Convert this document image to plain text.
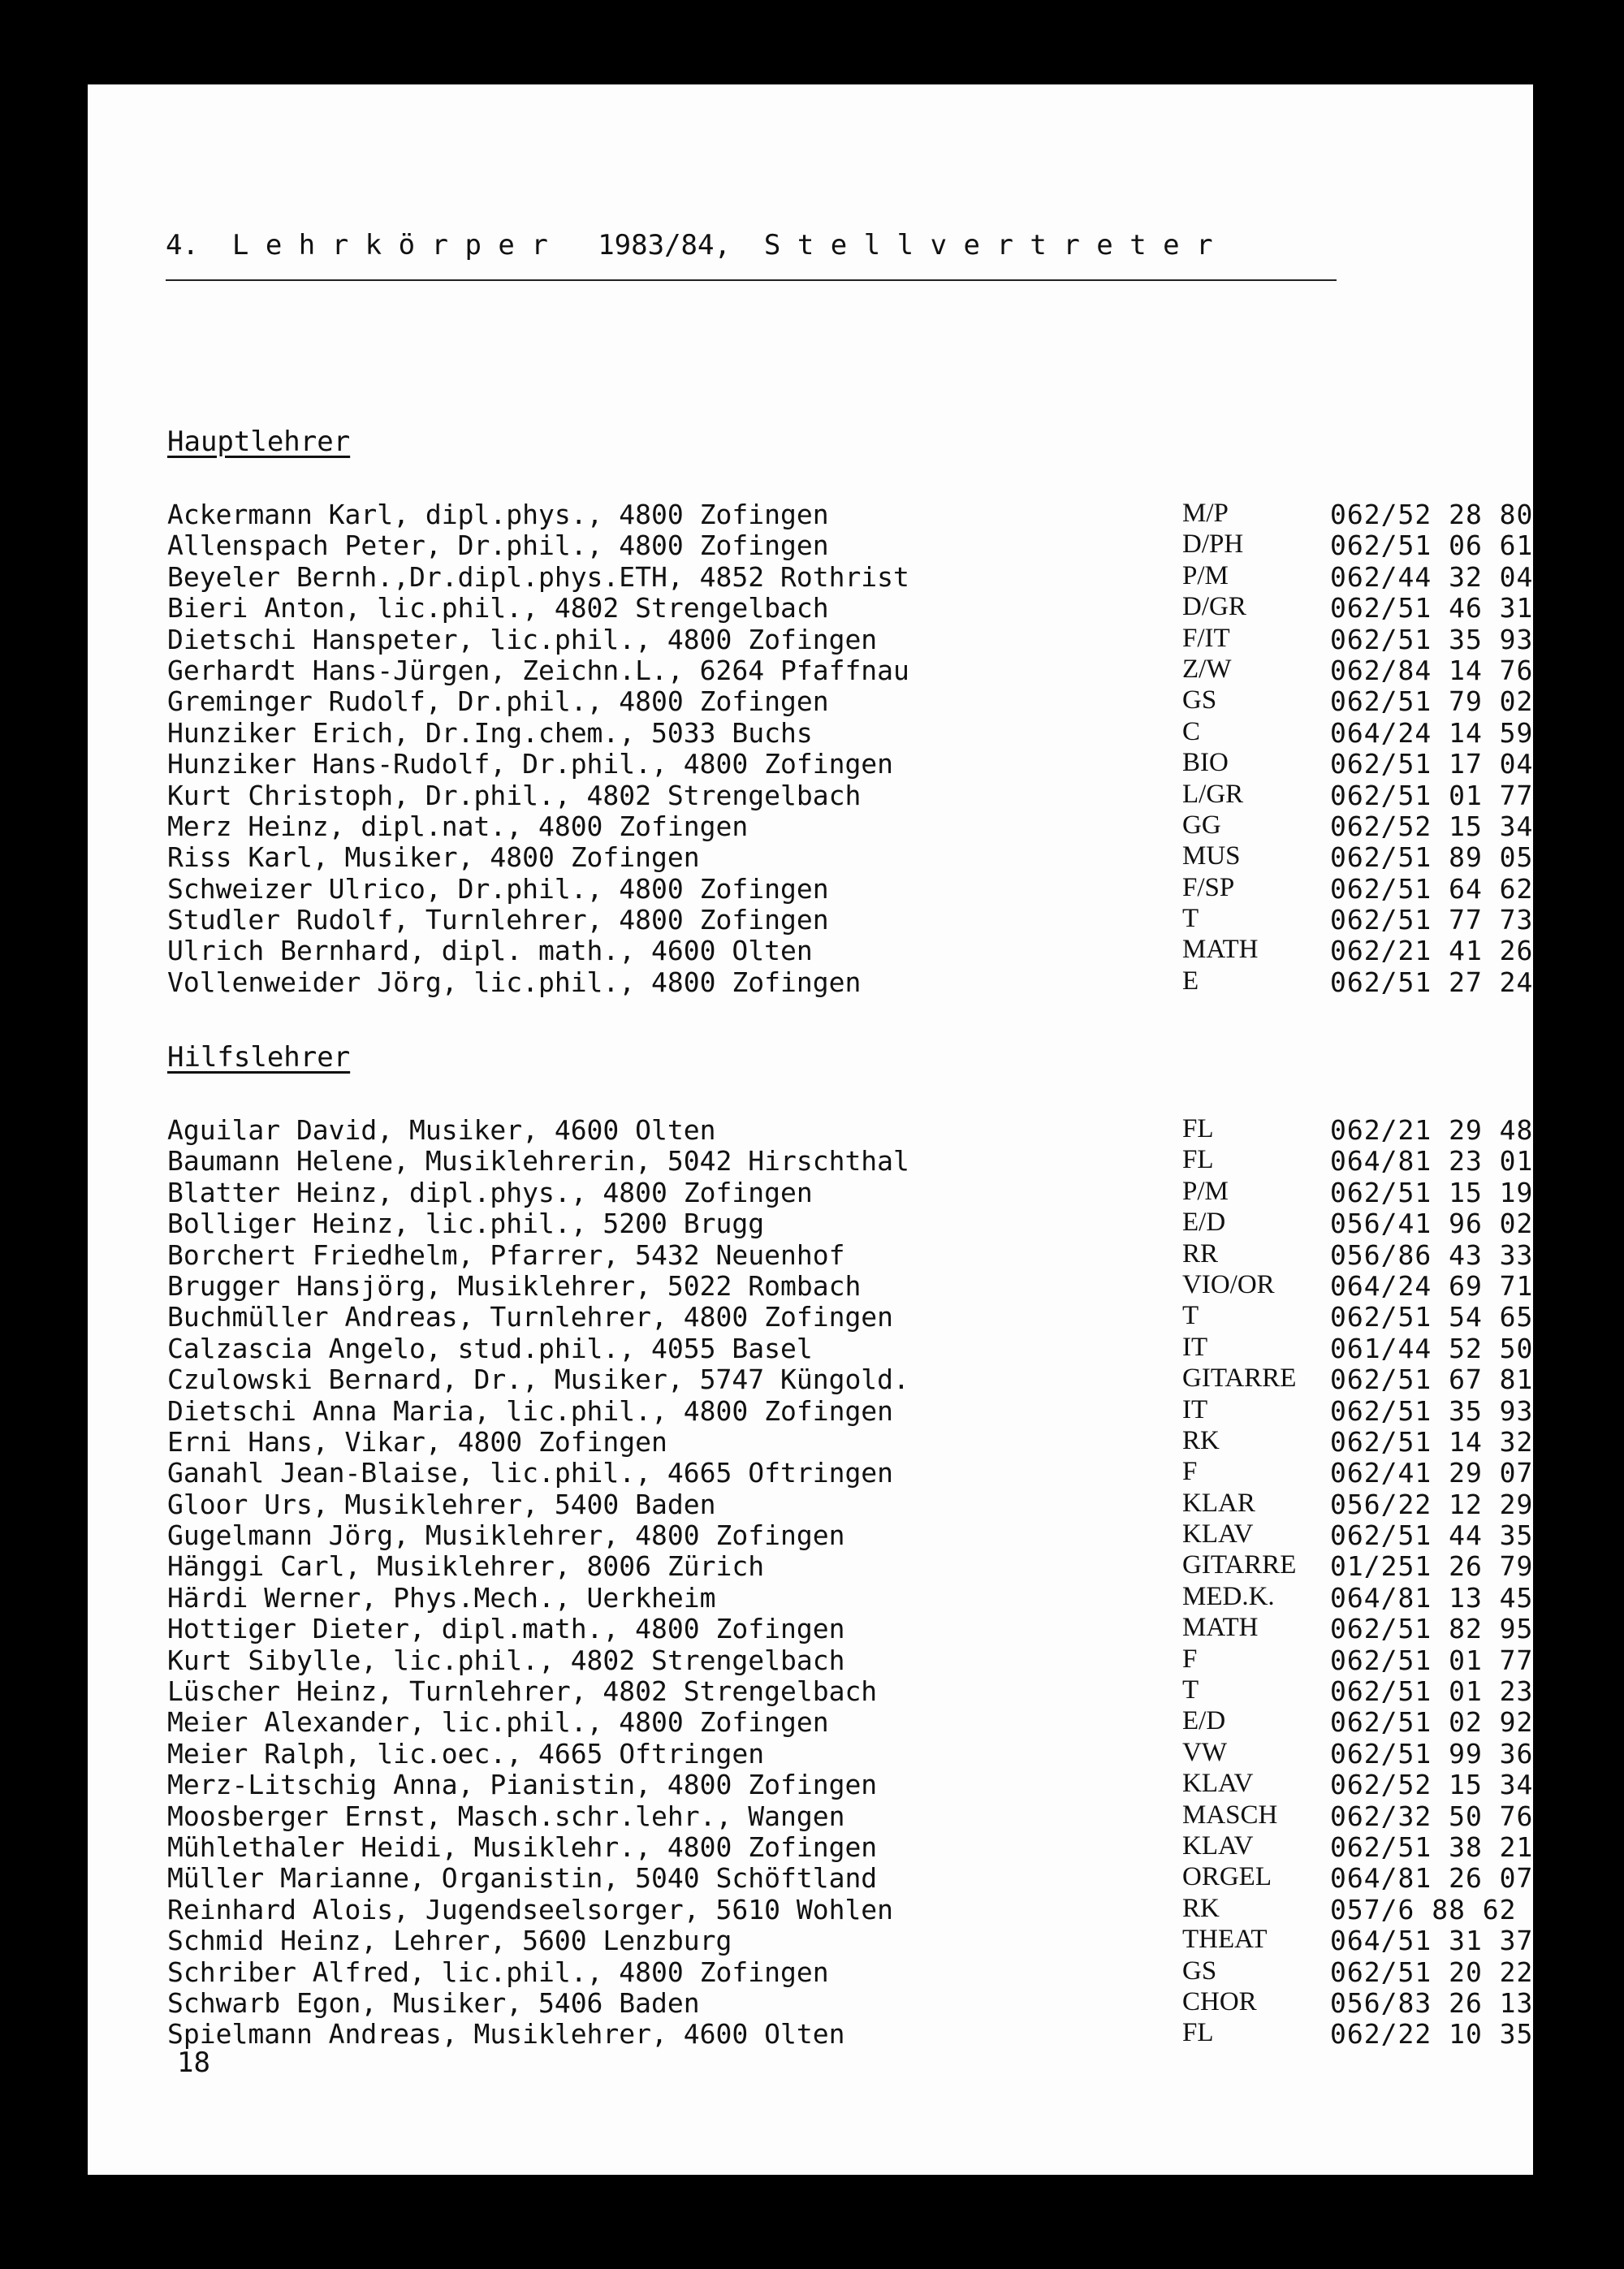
4.  L e h r k ö r p e r   1983/84,  S t e l l v e r t r e t e r
Hauptlehrer
Ackermann Karl, dipl.phys., 4800 Zofingen	M/P	062/52 28 80
Allenspach Peter, Dr.phil., 4800 Zofingen	D/PH	062/51 06 61
Beyeler Bernh.,Dr.dipl.phys.ETH, 4852 Rothrist	P/M	062/44 32 04
Bieri Anton, lic.phil., 4802 Strengelbach	D/GR	062/51 46 31
Dietschi Hanspeter, lic.phil., 4800 Zofingen	F/IT	062/51 35 93
Gerhardt Hans-Jürgen, Zeichn.L., 6264 Pfaffnau	Z/W	062/84 14 76
Greminger Rudolf, Dr.phil., 4800 Zofingen	GS	062/51 79 02
Hunziker Erich, Dr.Ing.chem., 5033 Buchs	C	064/24 14 59
Hunziker Hans-Rudolf, Dr.phil., 4800 Zofingen	BIO	062/51 17 04
Kurt Christoph, Dr.phil., 4802 Strengelbach	L/GR	062/51 01 77
Merz Heinz, dipl.nat., 4800 Zofingen	GG	062/52 15 34
Riss Karl, Musiker, 4800 Zofingen	MUS	062/51 89 05
Schweizer Ulrico, Dr.phil., 4800 Zofingen	F/SP	062/51 64 62
Studler Rudolf, Turnlehrer, 4800 Zofingen	T	062/51 77 73
Ulrich Bernhard, dipl. math., 4600 Olten	MATH	062/21 41 26
Vollenweider Jörg, lic.phil., 4800 Zofingen	E	062/51 27 24
Hilfslehrer
Aguilar David, Musiker, 4600 Olten	FL	062/21 29 48
Baumann Helene, Musiklehrerin, 5042 Hirschthal	FL	064/81 23 01
Blatter Heinz, dipl.phys., 4800 Zofingen	P/M	062/51 15 19
Bolliger Heinz, lic.phil., 5200 Brugg	E/D	056/41 96 02
Borchert Friedhelm, Pfarrer, 5432 Neuenhof	RR	056/86 43 33
Brugger Hansjörg, Musiklehrer, 5022 Rombach	VIO/OR 064/24 69 71
Buchmüller Andreas, Turnlehrer, 4800 Zofingen	T	062/51 54 65
Calzascia Angelo, stud.phil., 4055 Basel	IT	061/44 52 50
Czulowski Bernard, Dr., Musiker, 5747 Küngold.	GITARRE 062/51 67 81
Dietschi Anna Maria, lic.phil., 4800 Zofingen	IT	062/51 35 93
Erni Hans, Vikar, 4800 Zofingen	RK	062/51 14 32
Ganahl Jean-Blaise, lic.phil., 4665 Oftringen	F	062/41 29 07
Gloor Urs, Musiklehrer, 5400 Baden	KLAR	056/22 12 29
Gugelmann Jörg, Musiklehrer, 4800 Zofingen	KLAV	062/51 44 35
Hänggi Carl, Musiklehrer, 8006 Zürich	GITARRE 01/251 26 79
Härdi Werner, Phys.Mech., Uerkheim	MED.K. 064/81 13 45
Hottiger Dieter, dipl.math., 4800 Zofingen	MATH	062/51 82 95
Kurt Sibylle, lic.phil., 4802 Strengelbach	F	062/51 01 77
Lüscher Heinz, Turnlehrer, 4802 Strengelbach	T	062/51 01 23
Meier Alexander, lic.phil., 4800 Zofingen	E/D	062/51 02 92
Meier Ralph, lic.oec., 4665 Oftringen	VW	062/51 99 36
Merz-Litschig Anna, Pianistin, 4800 Zofingen	KLAV	062/52 15 34
Moosberger Ernst, Masch.schr.lehr., Wangen	MASCH 062/32 50 76
Mühlethaler Heidi, Musiklehr., 4800 Zofingen	KLAV	062/51 38 21
Müller Marianne, Organistin, 5040 Schöftland	ORGEL 064/81 26 07
Reinhard Alois, Jugendseelsorger, 5610 Wohlen	RK	057/6 88 62
Schmid Heinz, Lehrer, 5600 Lenzburg	THEAT 064/51 31 37
Schriber Alfred, lic.phil., 4800 Zofingen	GS	062/51 20 22
Schwarb Egon, Musiker, 5406 Baden	CHOR	056/83 26 13
Spielmann Andreas, Musiklehrer, 4600 Olten	FL	062/22 10 35
18
